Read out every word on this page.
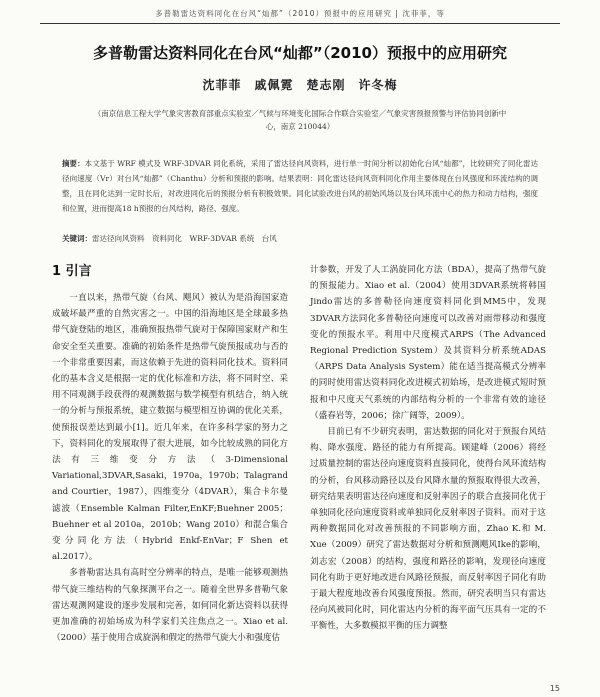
多普勒雷达资料同化在台风“灿都”（2010）预报中的应用研究 | 沈菲菲，等
多普勒雷达资料同化在台风“灿都”（2010）预报中的应用研究
沈菲菲　戚佩霓　楚志刚　许冬梅
（南京信息工程大学气象灾害教育部重点实验室／气候与环境变化国际合作联合实验室／气象灾害预报预警与评估协同创新中心，南京 210044）
摘要：本文基于 WRF 模式及 WRF-3DVAR 同化系统，采用了雷达径向风资料，进行单一时间分析以初始化台风“灿都”，比较研究了同化雷达径向速度（Vr）对台风“灿都”（Chanthu）分析和预报的影响。结果表明：同化雷达径向风资料同化作用主要体现在台风强度和环流结构的调整，且在同化达到一定时长后，对改进同化后的预报分析有积极效果。同化试验改进台风的初始风场以及台风环流中心的热力和动力结构，强度和位置，进而提高18 h预报的台风结构，路径、强度。
关键词：雷达径向风资料　资料同化　WRF-3DVAR 系统　台风
1 引言

一直以来，热带气旋（台风、飓风）被认为是沿海国家造成破坏最严重的自然灾害之一。中国的沿海地区是全球最多热带气旋登陆的地区，准确预报热带气旋对于保障国家财产和生命安全至关重要。准确的初始条件是热带气旋预报成功与否的一个非常重要因素，而这依赖于先进的资料同化技术。资料同化的基本含义是根据一定的优化标准和方法，将不同时空、采用不同观测手段获得的观测数据与数学模型有机结合，纳入统一的分析与预报系统，建立数据与模型相互协调的优化关系，使预报误差达到最小[1]。近几年来，在许多科学家的努力之下，资料同化的发展取得了很大进展，如今比较成熟的同化方法有三维变分方法（3-Dimensional Variational,3DVAR,Sasaki，1970a，1970b；Talagrand and Courtier，1987），四维变分（4DVAR），集合卡尔曼滤波（Ensemble Kalman Filter,EnKF;Buehner 2005；Buehner et al 2010a，2010b；Wang 2010）和混合集合变分同化方法（Hybrid Enkf-EnVar；F Shen et al.2017）。

多普勒雷达具有高时空分辨率的特点，是唯一能够观测热带气旋三维结构的气象探测平台之一。随着全世界多普勒气象雷达观测网建设的逐步发展和完善，如何同化新达资料以获得更加准确的初始场成为科学家们关注焦点之一。Xiao et al.（2000）基于使用合成旋涡和假定的热带气旋大小和强度估

计参数，开发了人工涡旋同化方法（BDA），提高了热带气旋的预报能力。Xiao et al.（2004）使用3DVAR系统将韩国Jindo雷达的多普勒径向速度资料同化到MM5中，发现3DVAR方法同化多普勒径向速度可以改善对雨带移动和强度变化的预报水平。利用中尺度模式ARPS（The Advanced Regional Prediction System）及其资料分析系统ADAS（ARPS Data Analysis System）能在适当提高模式分辨率的同时使用雷达资料同化改进模式初始场，是改进模式短时预报和中尺度天气系统的内部结构分析的一个非常有效的途径（盛春岩等，2006；徐广阔等，2009）。

目前已有不少研究表明，雷达数据的同化对于预报台风结构、降水强度、路径的能力有所提高。顾建峰（2006）将经过质量控制的雷达径向速度资料直接同化，使得台风环流结构的分析，台风移动路径以及台风降水量的预报取得很大改善，研究结果表明雷达径向速度和反射率因子的联合直接同化优于单独同化径向速度资料或单独同化反射率因子资料。而对于这两种数据同化对改善预报的不同影响方面，Zhao K.和 M. Xue（2009）研究了雷达数据对分析和预测飓风Ike的影响，刘志宏（2008）的结构，强度和路径的影响，发现径向速度同化有助于更好地改进台风路径预报，而反射率因子同化有助于最大程度地改善台风强度预报。然而，研究表明当只有雷达径向风被同化时，同化雷达内分析的海平面气压具有一定的不平衡性，大多数模拟平衡的压力调整

15
